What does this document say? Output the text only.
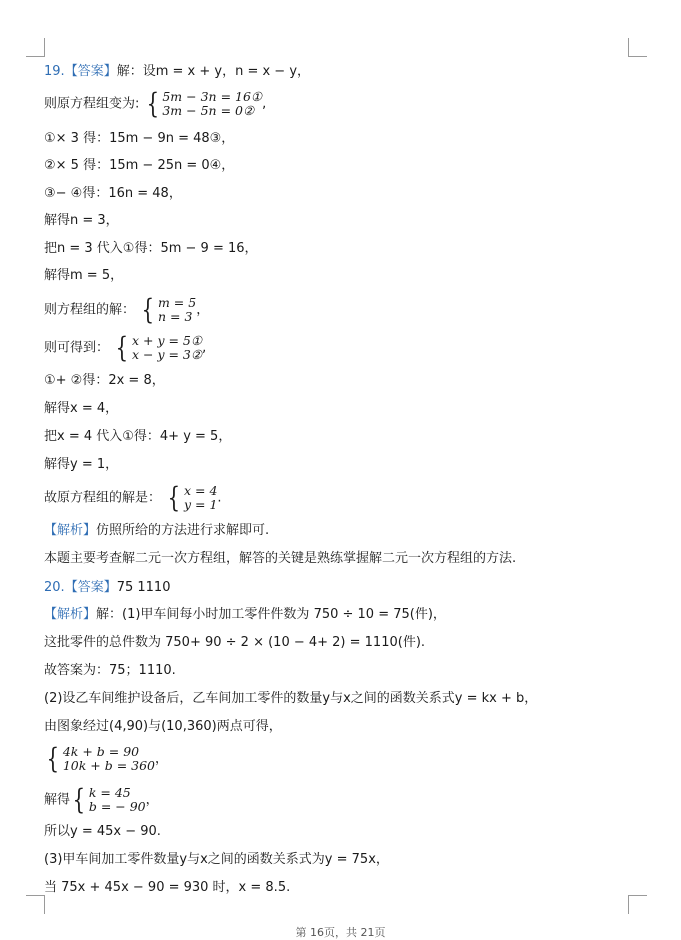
19.【答案】解：设m = x + y，n = x − y，
则原方程组变为: { 5m − 3n = 16①
3m − 5n = 0② ,
①× 3 得：15m − 9n = 48③，
②× 5 得：15m − 25n = 0④，
③− ④得：16n = 48，
解得n = 3，
把n = 3 代入①得：5m − 9 = 16，
解得m = 5，
则方程组的解： { m = 5
n = 3 ，
则可得到： { x + y = 5①
x − y = 3② ,
①+ ②得：2x = 8，
解得x = 4，
把x = 4 代入①得：4+ y = 5，
解得y = 1，
故原方程组的解是： { x = 4
y = 1 .
【解析】仿照所给的方法进行求解即可.
本题主要考查解二元一次方程组，解答的关键是熟练掌握解二元一次方程组的方法.
20.【答案】75 1110
【解析】解：(1)甲车间每小时加工零件件数为 750 ÷ 10 = 75(件)，
这批零件的总件数为 750+ 90 ÷ 2 × (10 − 4+ 2) = 1110(件).
故答案为：75；1110.
(2)设乙车间维护设备后，乙车间加工零件的数量y与x之间的函数关系式y = kx + b，
由图象经过(4,90)与(10,360)两点可得，
{ 4k + b = 90
10k + b = 360 ，
解得 { k = 45
b = − 90 ，
所以y = 45x − 90.
(3)甲车间加工零件数量y与x之间的函数关系式为y = 75x，
当 75x + 45x − 90 = 930 时，x = 8.5.
第 16页，共 21页
